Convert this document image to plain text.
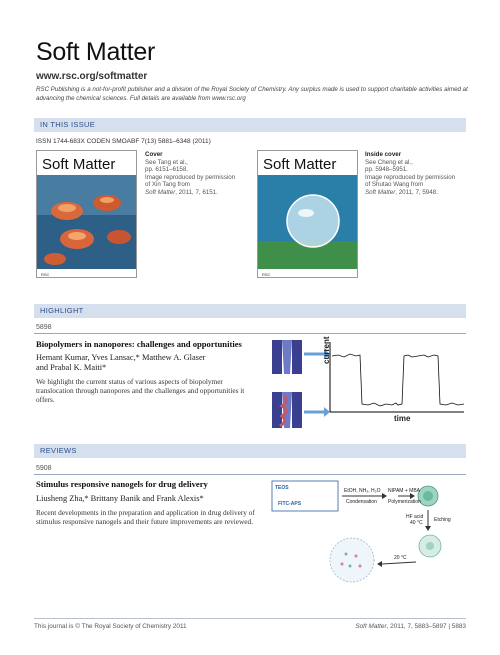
Soft Matter
www.rsc.org/softmatter
RSC Publishing is a not-for-profit publisher and a division of the Royal Society of Chemistry. Any surplus made is used to support charitable activities aimed at advancing the chemical sciences. Full details are available from www.rsc.org
IN THIS ISSUE
ISSN 1744-683X CODEN SMOABF 7(13) 5881–6348 (2011)
RSC
Soft Matter
Cover
See Tang et al.,
pp. 6151–6158.
Image reproduced by permission
of Xin Tang from
Soft Matter, 2011, 7, 6151.
RSC
Soft Matter
Inside cover
See Cheng et al.,
pp. 5948–5951.
Image reproduced by permission
of Shutao Wang from
Soft Matter, 2011, 7, 5948.
HIGHLIGHT
5898
Biopolymers in nanopores: challenges and opportunities
Hemant Kumar, Yves Lansac,* Matthew A. Glaser
and Prabal K. Maiti*
We highlight the current status of various aspects of biopolymer translocation through nanopores and the challenges and opportunities it offers.
current
time
REVIEWS
5908
Stimulus responsive nanogels for drug delivery
Liusheng Zha,* Brittany Banik and Frank Alexis*
Recent developments in the preparation and application in drug delivery of stimulus responsive nanogels and their future improvements are reviewed.
TEOS
FITC-APS
EtOH, NH₃, H₂O
Condensation
NIPAM + MBA
Polymerization
HF acid
40 °C Etching
20 °C
This journal is © The Royal Society of Chemistry 2011	Soft Matter, 2011, 7, 5883–5897 | 5883
